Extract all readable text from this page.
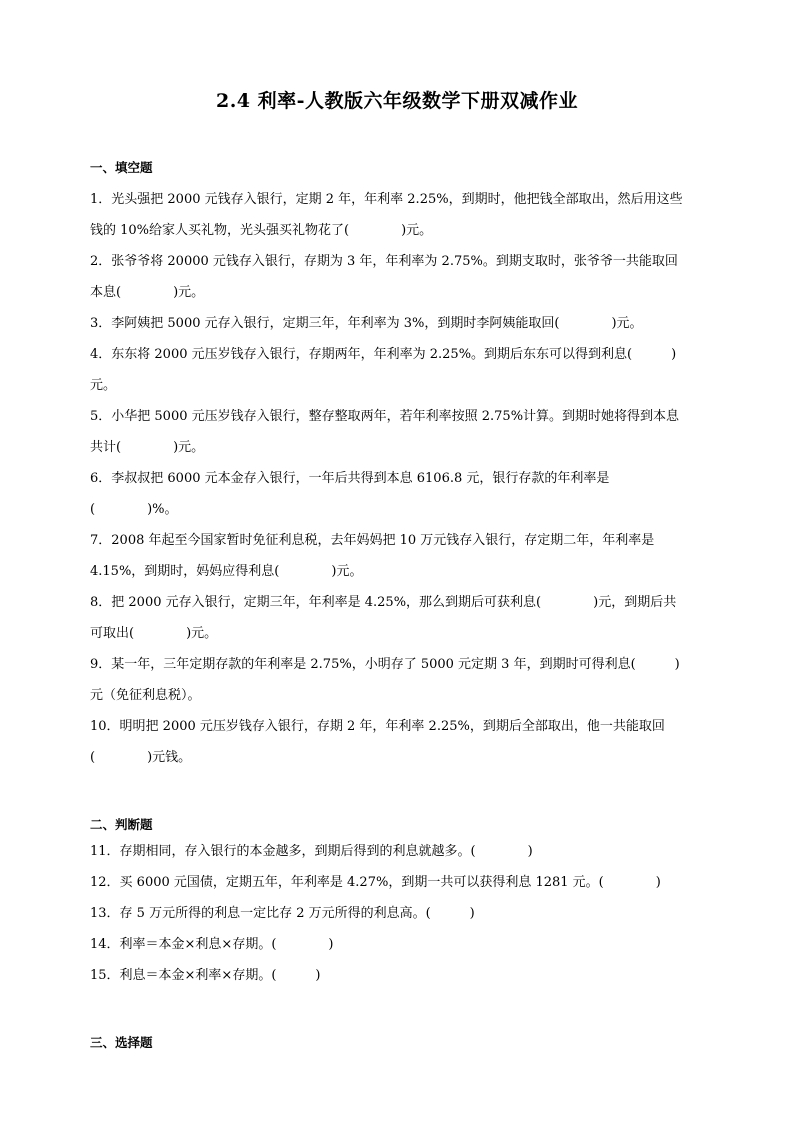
2.4 利率-人教版六年级数学下册双减作业
一、填空题
1．光头强把 2000 元钱存入银行，定期 2 年，年利率 2.25%，到期时，他把钱全部取出，然后用这些
钱的 10%给家人买礼物，光头强买礼物花了(　　　　)元。
2．张爷爷将 20000 元钱存入银行，存期为 3 年，年利率为 2.75%。到期支取时，张爷爷一共能取回
本息(　　　　)元。
3．李阿姨把 5000 元存入银行，定期三年，年利率为 3%，到期时李阿姨能取回(　　　　)元。
4．东东将 2000 元压岁钱存入银行，存期两年，年利率为 2.25%。到期后东东可以得到利息(　　　)
元。
5．小华把 5000 元压岁钱存入银行，整存整取两年，若年利率按照 2.75%计算。到期时她将得到本息
共计(　　　　)元。
6．李叔叔把 6000 元本金存入银行，一年后共得到本息 6106.8 元，银行存款的年利率是
(　　　　)%。
7．2008 年起至今国家暂时免征利息税，去年妈妈把 10 万元钱存入银行，存定期二年，年利率是
4.15%，到期时，妈妈应得利息(　　　　)元。
8．把 2000 元存入银行，定期三年，年利率是 4.25%，那么到期后可获利息(　　　　)元，到期后共
可取出(　　　　)元。
9．某一年，三年定期存款的年利率是 2.75%，小明存了 5000 元定期 3 年，到期时可得利息(　　　)
元（免征利息税）。
10．明明把 2000 元压岁钱存入银行，存期 2 年，年利率 2.25%，到期后全部取出，他一共能取回
(　　　　)元钱。
二、判断题
11．存期相同，存入银行的本金越多，到期后得到的利息就越多。(　　　　)
12．买 6000 元国债，定期五年，年利率是 4.27%，到期一共可以获得利息 1281 元。(　　　　)
13．存 5 万元所得的利息一定比存 2 万元所得的利息高。(　　　)
14．利率＝本金×利息×存期。(　　　　)
15．利息＝本金×利率×存期。(　　　)
三、选择题
